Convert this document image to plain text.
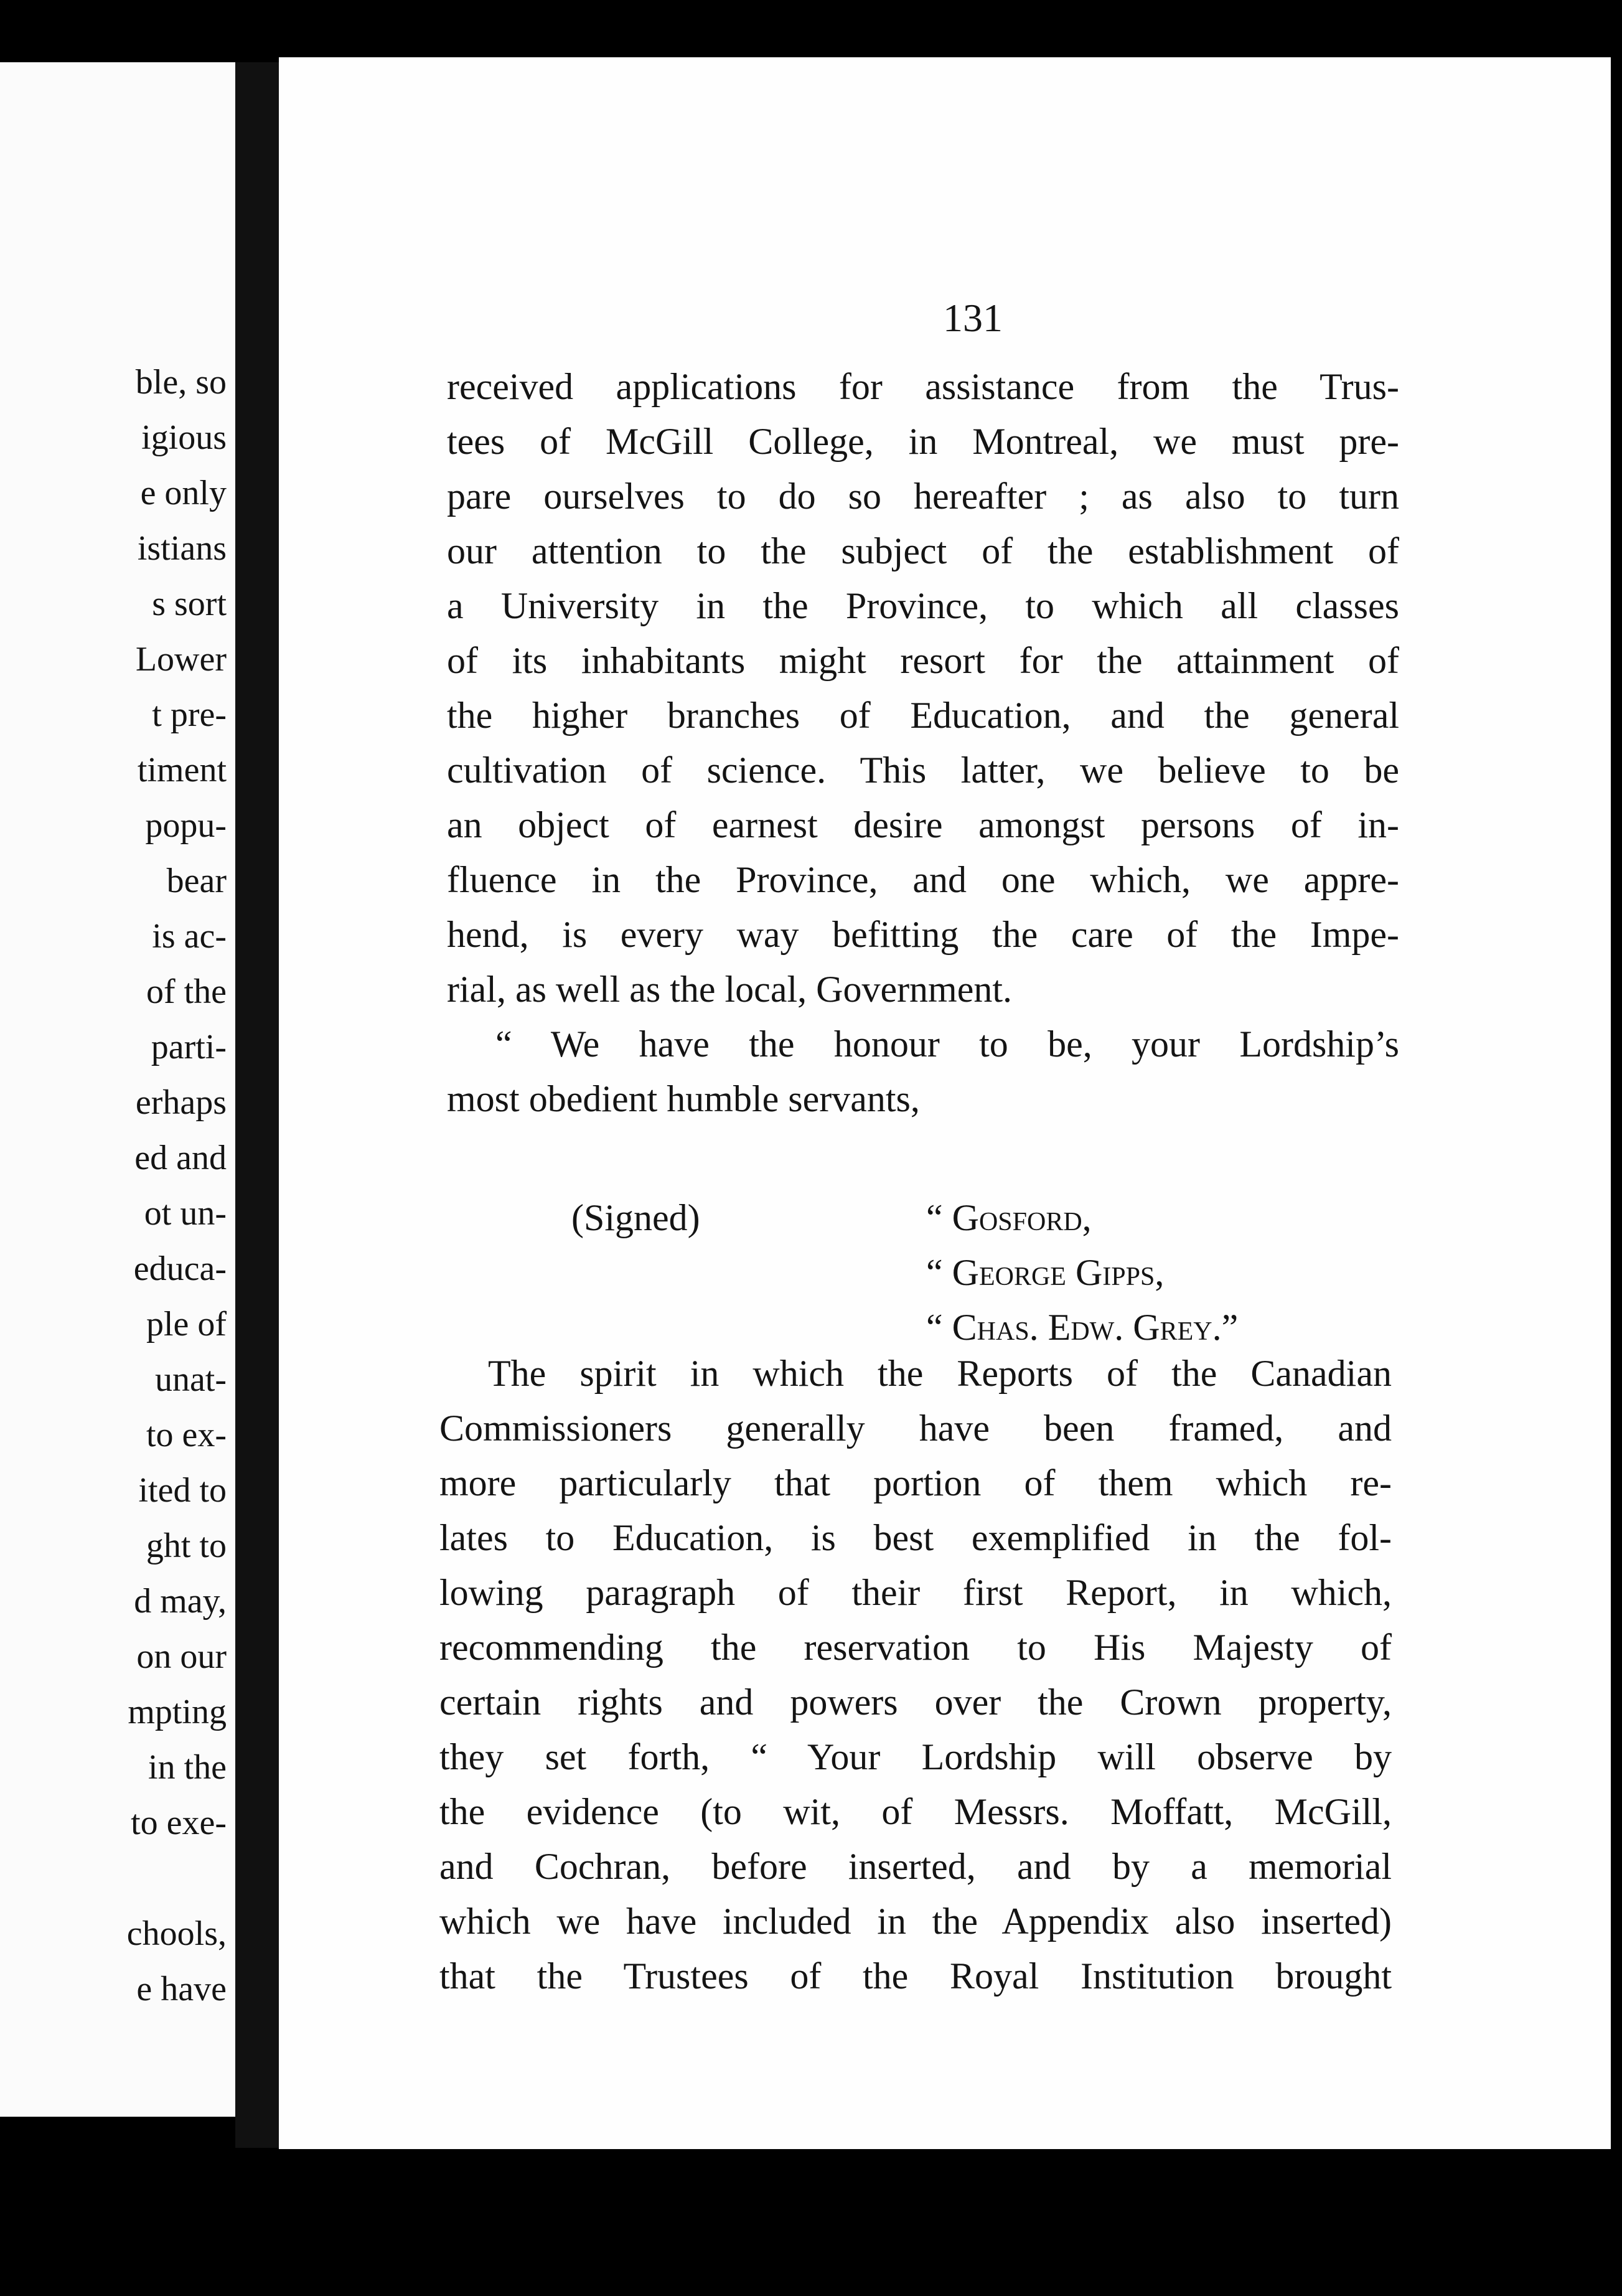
ble, so
igious
e only
istians
s sort
Lower
t pre-
timent
popu-
bear
is ac-
of the
parti-
erhaps
ed and
ot un-
educa-
ple of
unat-
to ex-
ited to
ght to
d may,
on our
mpting
in the
to exe-
chools,
e have

131

received applications for assistance from the Trus-
tees of McGill College, in Montreal, we must pre-
pare ourselves to do so hereafter ; as also to turn
our attention to the subject of the establishment of
a University in the Province, to which all classes
of its inhabitants might resort for the attainment of
the higher branches of Education, and the general
cultivation of science. This latter, we believe to be
an object of earnest desire amongst persons of in-
fluence in the Province, and one which, we appre-
hend, is every way befitting the care of the Impe-
rial, as well as the local, Government.
“ We have the honour to be, your Lordship’s
most obedient humble servants,
(Signed)	“ Gosford,
“ George Gipps,
“ Chas. Edw. Grey.”
The spirit in which the Reports of the Canadian
Commissioners generally have been framed, and
more particularly that portion of them which re-
lates to Education, is best exemplified in the fol-
lowing paragraph of their first Report, in which,
recommending the reservation to His Majesty of
certain rights and powers over the Crown property,
they set forth, “ Your Lordship will observe by
the evidence (to wit, of Messrs. Moffatt, McGill,
and Cochran, before inserted, and by a memorial
which we have included in the Appendix also inserted)
that the Trustees of the Royal Institution brought
